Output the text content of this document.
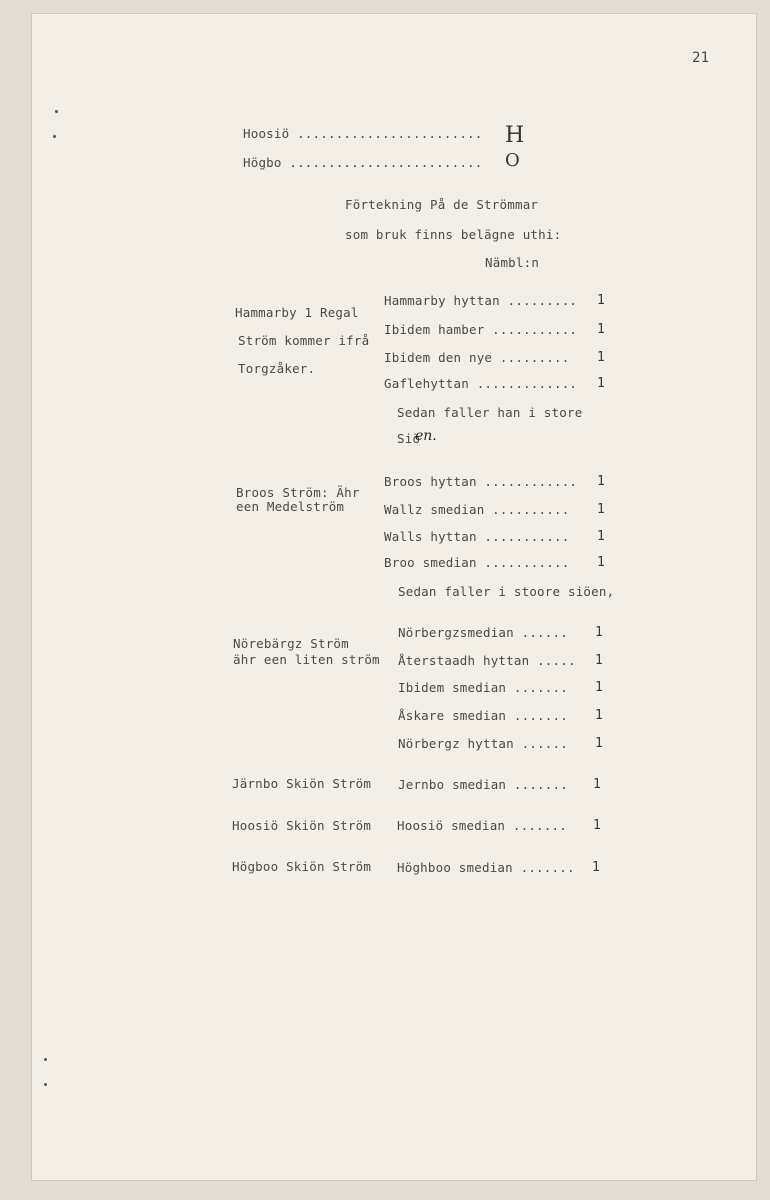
21
Hoosiö ........................ H
Högbo ......................... O
Förtekning På de Strömmar
som bruk finns belägne uthi:
Nämbl:n
Hammarby 1 Regal
Ström kommer ifrå
Torgzåker.
Hammarby hyttan ......... 1
Ibidem hamber ........... 1
Ibidem den nye ......... 1
Gaflehyttan ............. 1
Sedan faller han i store
Siö
en.
Broos Ström: Ähr
een Medelström
Broos hyttan ............ 1
Wallz smedian .......... 1
Walls hyttan ........... 1
Broo smedian ........... 1
Sedan faller i stoore siöen,
Nörebärgz Ström
ähr een liten ström
Nörbergzsmedian ...... 1
Återstaadh hyttan ..... 1
Ibidem smedian ....... 1
Åskare smedian ....... 1
Nörbergz hyttan ...... 1
Järnbo Skiön Ström Jernbo smedian ....... 1
Hoosiö Skiön Ström Hoosiö smedian ....... 1
Högboo Skiön Ström Höghboo smedian ....... 1
